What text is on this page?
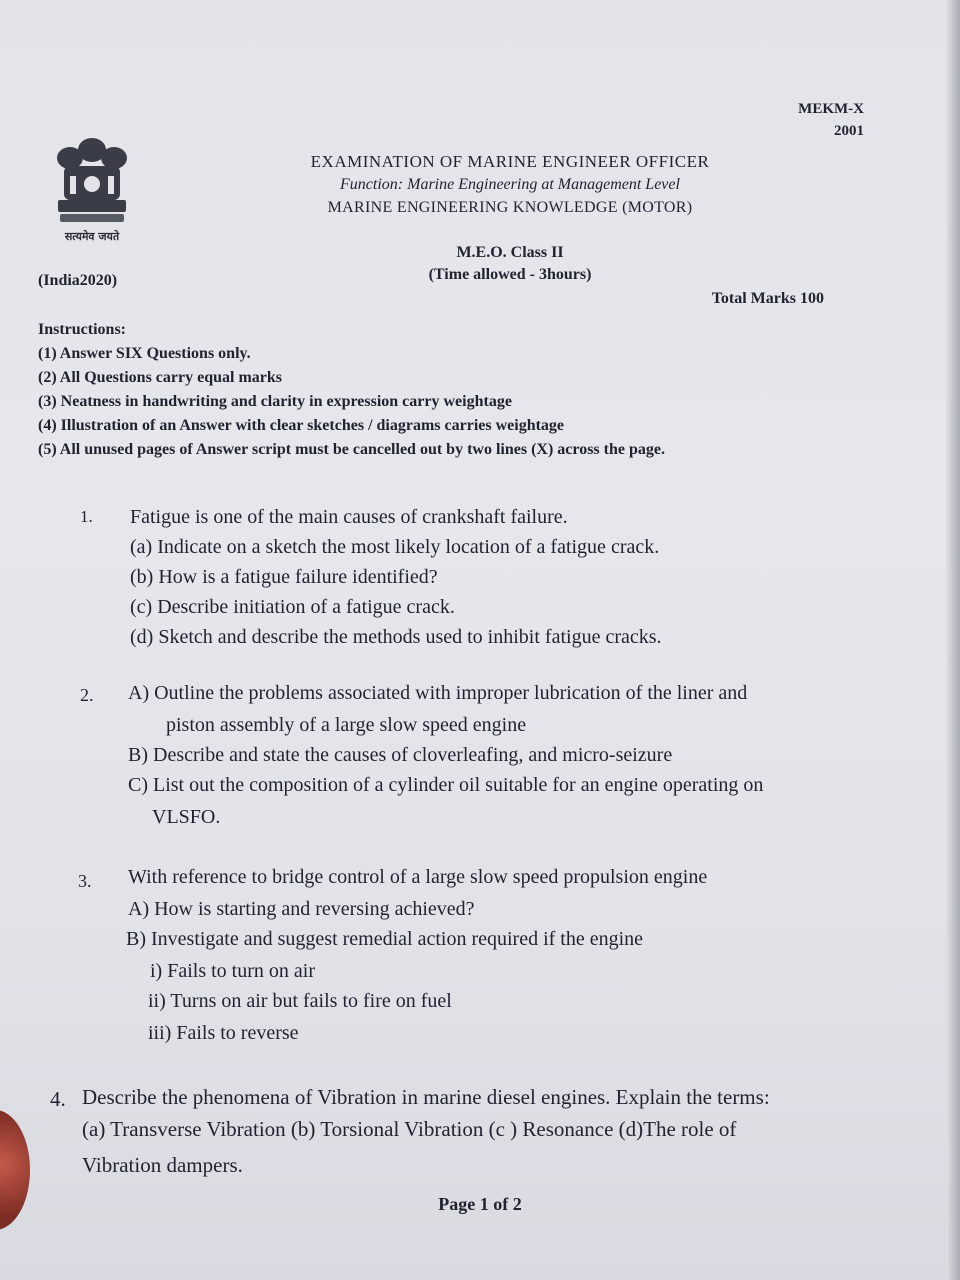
MEKM-X
2001
सत्यमेव जयते
EXAMINATION OF MARINE ENGINEER OFFICER
Function: Marine Engineering at Management Level
MARINE ENGINEERING KNOWLEDGE (MOTOR)
M.E.O. Class II
(Time allowed - 3hours)
(India2020)
Total Marks 100
Instructions:
(1) Answer SIX Questions only.
(2) All Questions carry equal marks
(3) Neatness in handwriting and clarity in expression carry weightage
(4) Illustration of an Answer with clear sketches / diagrams carries weightage
(5) All unused pages of Answer script must be cancelled out by two lines (X) across the page.
1. Fatigue is one of the main causes of crankshaft failure.
(a) Indicate on a sketch the most likely location of a fatigue crack.
(b) How is a fatigue failure identified?
(c) Describe initiation of a fatigue crack.
(d) Sketch and describe the methods used to inhibit fatigue cracks.
2. A) Outline the problems associated with improper lubrication of the liner and
piston assembly of a large slow speed engine
B) Describe and state the causes of cloverleafing, and micro-seizure
C) List out the composition of a cylinder oil suitable for an engine operating on
VLSFO.
3. With reference to bridge control of a large slow speed propulsion engine
A) How is starting and reversing achieved?
B) Investigate and suggest remedial action required if the engine
i) Fails to turn on air
ii) Turns on air but fails to fire on fuel
iii) Fails to reverse
4. Describe the phenomena of Vibration in marine diesel engines. Explain the terms:
(a) Transverse Vibration (b) Torsional Vibration (c ) Resonance (d)The role of
Vibration dampers.
Page 1 of 2
